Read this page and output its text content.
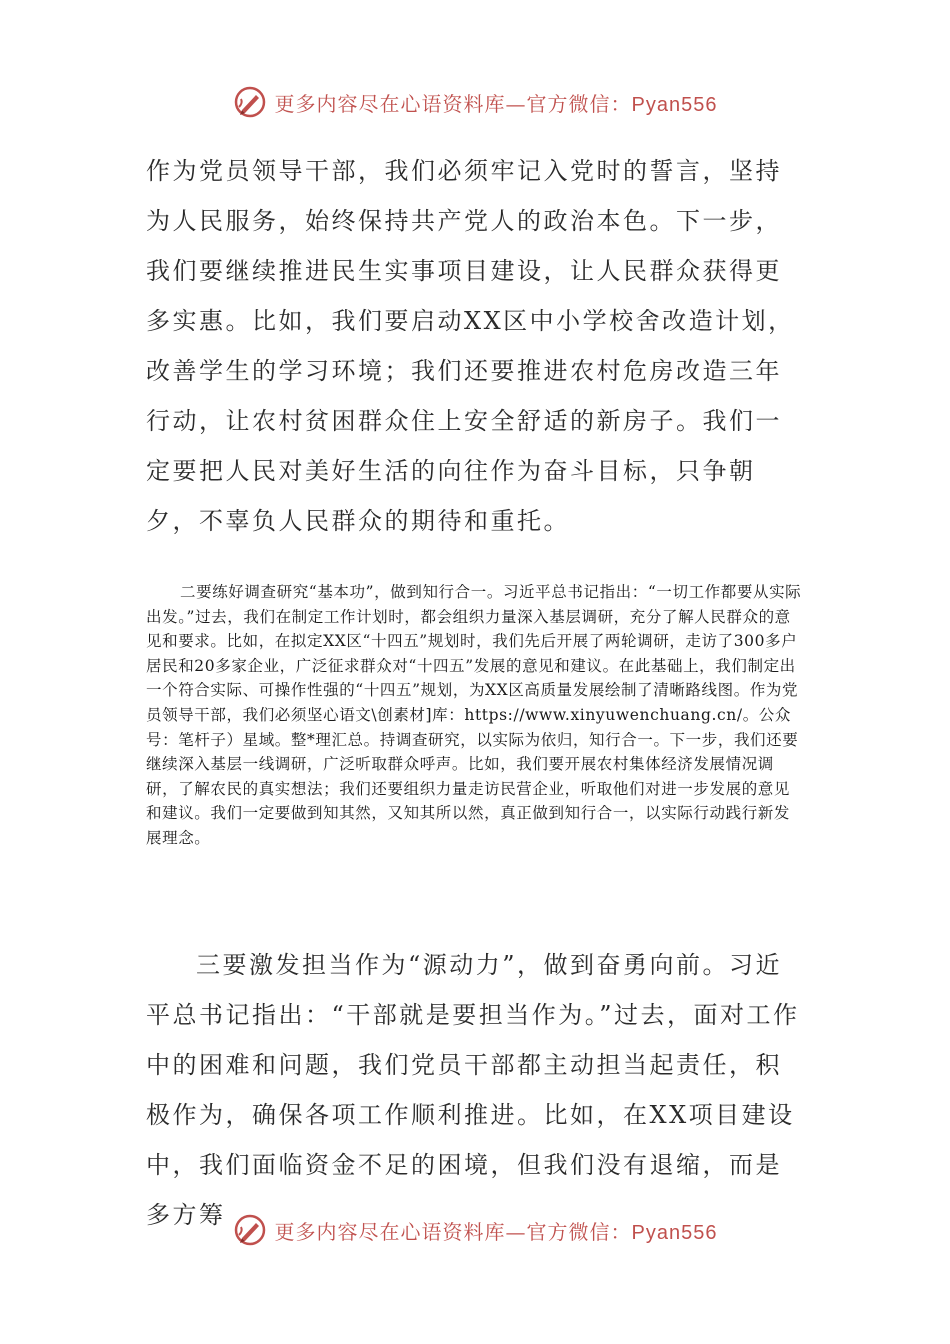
更多内容尽在心语资料库—官方微信：Pyan556

作为党员领导干部，我们必须牢记入党时的誓言，坚持为人民服务，始终保持共产党人的政治本色。下一步，我们要继续推进民生实事项目建设，让人民群众获得更多实惠。比如，我们要启动XX区中小学校舍改造计划，改善学生的学习环境；我们还要推进农村危房改造三年行动，让农村贫困群众住上安全舒适的新房子。我们一定要把人民对美好生活的向往作为奋斗目标，只争朝夕，不辜负人民群众的期待和重托。

二要练好调查研究“基本功”，做到知行合一。习近平总书记指出：“一切工作都要从实际出发。”过去，我们在制定工作计划时，都会组织力量深入基层调研，充分了解人民群众的意见和要求。比如，在拟定XX区“十四五”规划时，我们先后开展了两轮调研，走访了300多户居民和20多家企业，广泛征求群众对“十四五”发展的意见和建议。在此基础上，我们制定出一个符合实际、可操作性强的“十四五”规划，为XX区高质量发展绘制了清晰路线图。作为党员领导干部，我们必须坚心语文\创素材]库：https://www.xinyuwenchuang.cn/。公众号：笔杆子）星域。整*理汇总。持调查研究，以实际为依归，知行合一。下一步，我们还要继续深入基层一线调研，广泛听取群众呼声。比如，我们要开展农村集体经济发展情况调研，了解农民的真实想法；我们还要组织力量走访民营企业，听取他们对进一步发展的意见和建议。我们一定要做到知其然，又知其所以然，真正做到知行合一，以实际行动践行新发展理念。

三要激发担当作为“源动力”，做到奋勇向前。习近平总书记指出：“干部就是要担当作为。”过去，面对工作中的困难和问题，我们党员干部都主动担当起责任，积极作为，确保各项工作顺利推进。比如，在XX项目建设中，我们面临资金不足的困境，但我们没有退缩，而是多方筹

更多内容尽在心语资料库—官方微信：Pyan556
